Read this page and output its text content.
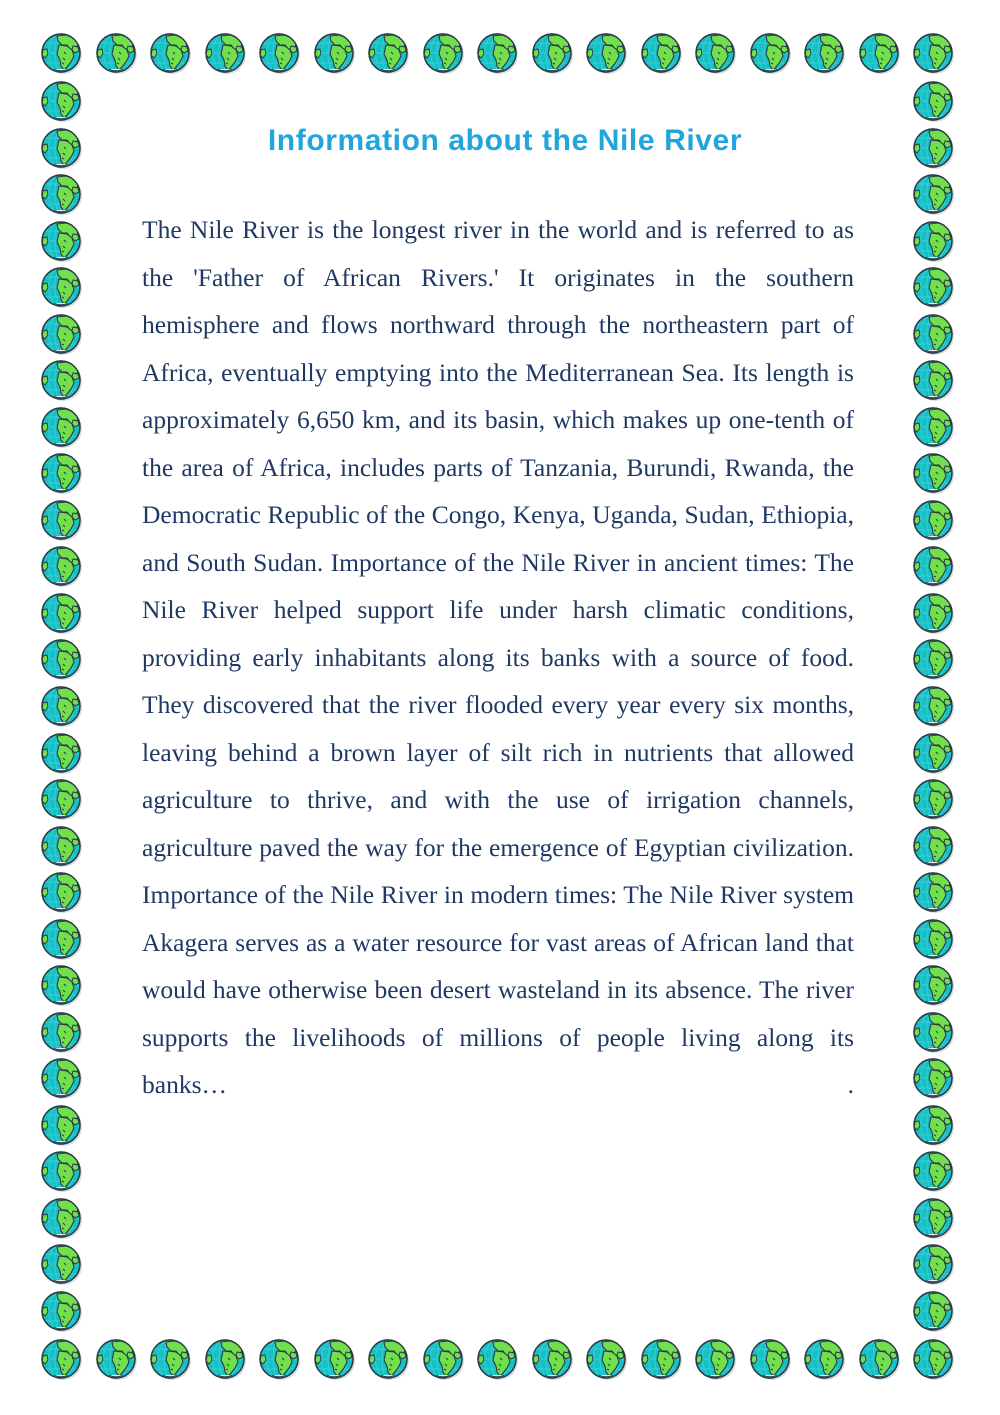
Information about the Nile River

The Nile River is the longest river in the world and is referred to as the 'Father of African Rivers.' It originates in the southern hemisphere and flows northward through the northeastern part of Africa, eventually emptying into the Mediterranean Sea. Its length is approximately 6,650 km, and its basin, which makes up one-tenth of the area of Africa, includes parts of Tanzania, Burundi, Rwanda, the Democratic Republic of the Congo, Kenya, Uganda, Sudan, Ethiopia, and South Sudan. Importance of the Nile River in ancient times: The Nile River helped support life under harsh climatic conditions, providing early inhabitants along its banks with a source of food. They discovered that the river flooded every year every six months, leaving behind a brown layer of silt rich in nutrients that allowed agriculture to thrive, and with the use of irrigation channels, agriculture paved the way for the emergence of Egyptian civilization. Importance of the Nile River in modern times: The Nile River system Akagera serves as a water resource for vast areas of African land that would have otherwise been desert wasteland in its absence. The river supports the livelihoods of millions of people living along its banks… .
